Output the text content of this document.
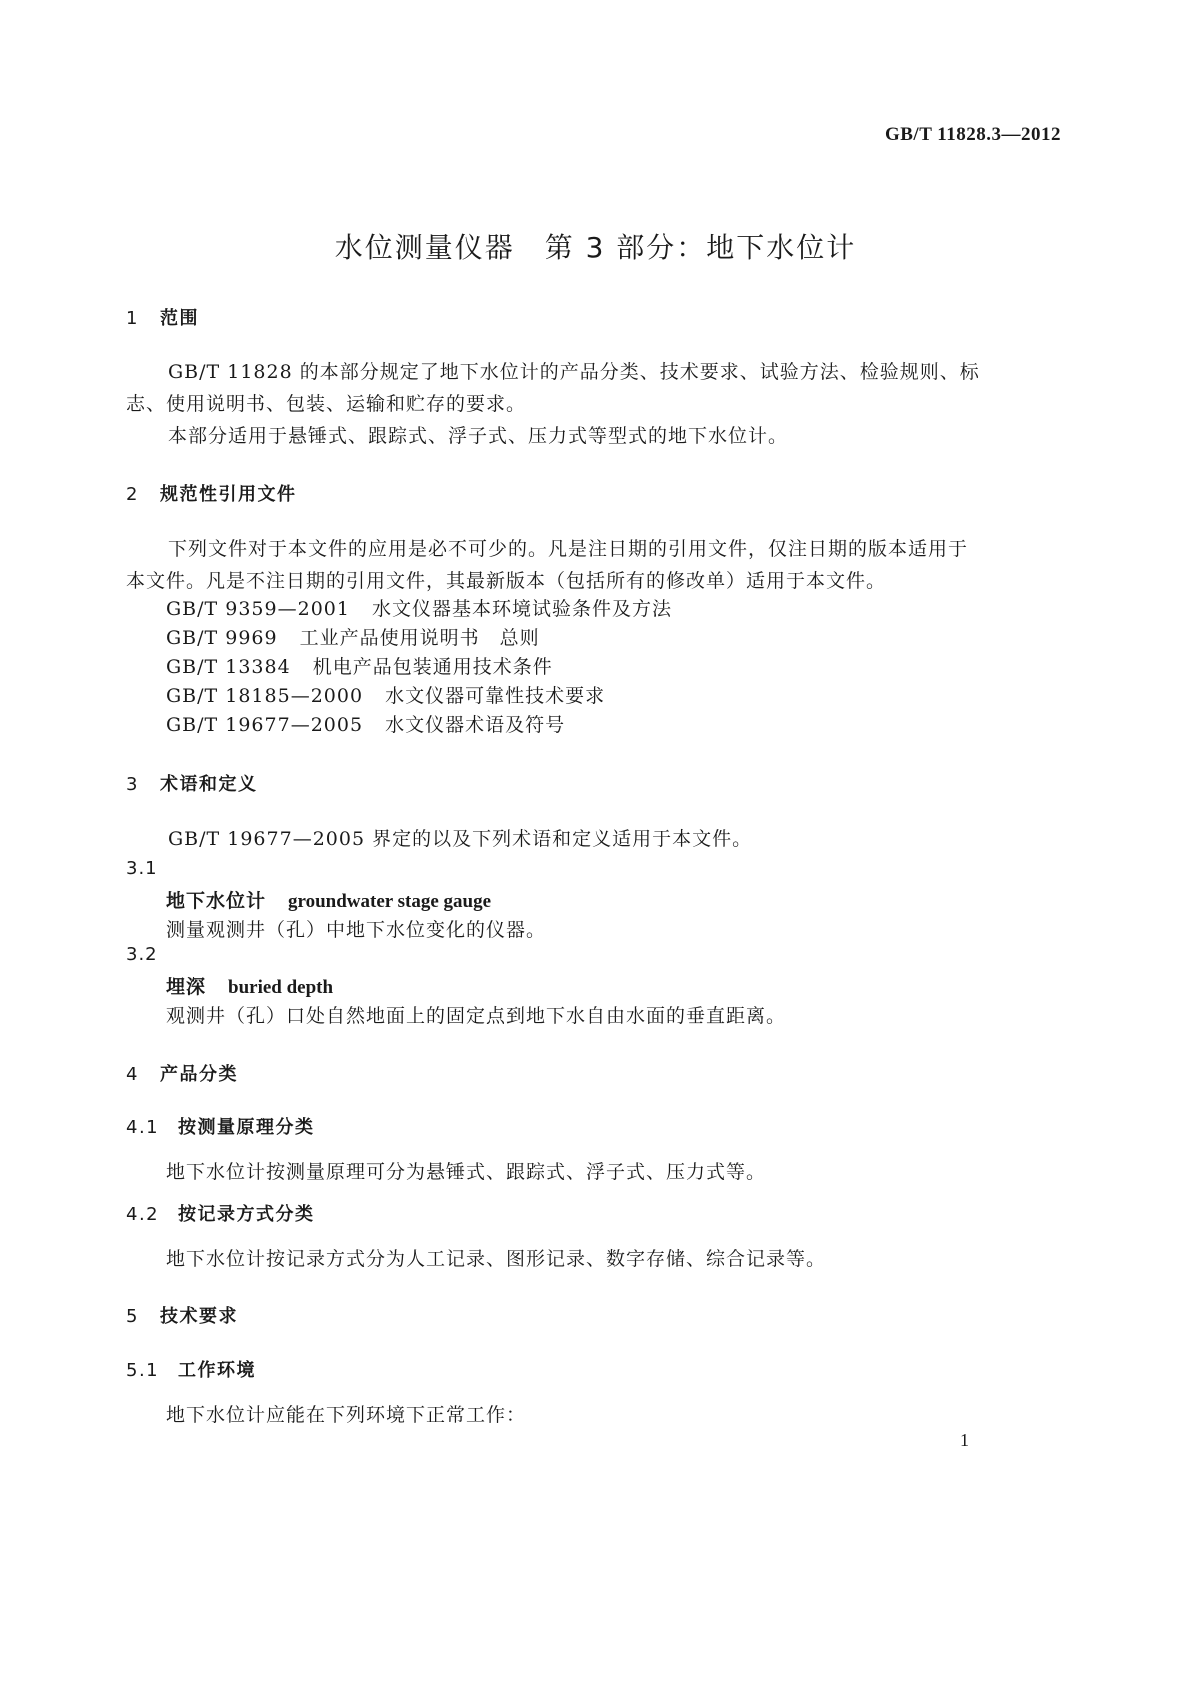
GB/T 11828.3—2012
水位测量仪器　第 3 部分：地下水位计
1 范围

GB/T 11828 的本部分规定了地下水位计的产品分类、技术要求、试验方法、检验规则、标志、使用说明书、包装、运输和贮存的要求。

本部分适用于悬锤式、跟踪式、浮子式、压力式等型式的地下水位计。

2 规范性引用文件

下列文件对于本文件的应用是必不可少的。凡是注日期的引用文件，仅注日期的版本适用于本文件。凡是不注日期的引用文件，其最新版本（包括所有的修改单）适用于本文件。

GB/T 9359—2001 水文仪器基本环境试验条件及方法
GB/T 9969 工业产品使用说明书　总则
GB/T 13384 机电产品包装通用技术条件
GB/T 18185—2000 水文仪器可靠性技术要求
GB/T 19677—2005 水文仪器术语及符号
3 术语和定义

GB/T 19677—2005 界定的以及下列术语和定义适用于本文件。

3.1
地下水位计 groundwater stage gauge
测量观测井（孔）中地下水位变化的仪器。
3.2
埋深 buried depth
观测井（孔）口处自然地面上的固定点到地下水自由水面的垂直距离。
4 产品分类
4.1 按测量原理分类
地下水位计按测量原理可分为悬锤式、跟踪式、浮子式、压力式等。
4.2 按记录方式分类
地下水位计按记录方式分为人工记录、图形记录、数字存储、综合记录等。
5 技术要求
5.1 工作环境
地下水位计应能在下列环境下正常工作：
1
